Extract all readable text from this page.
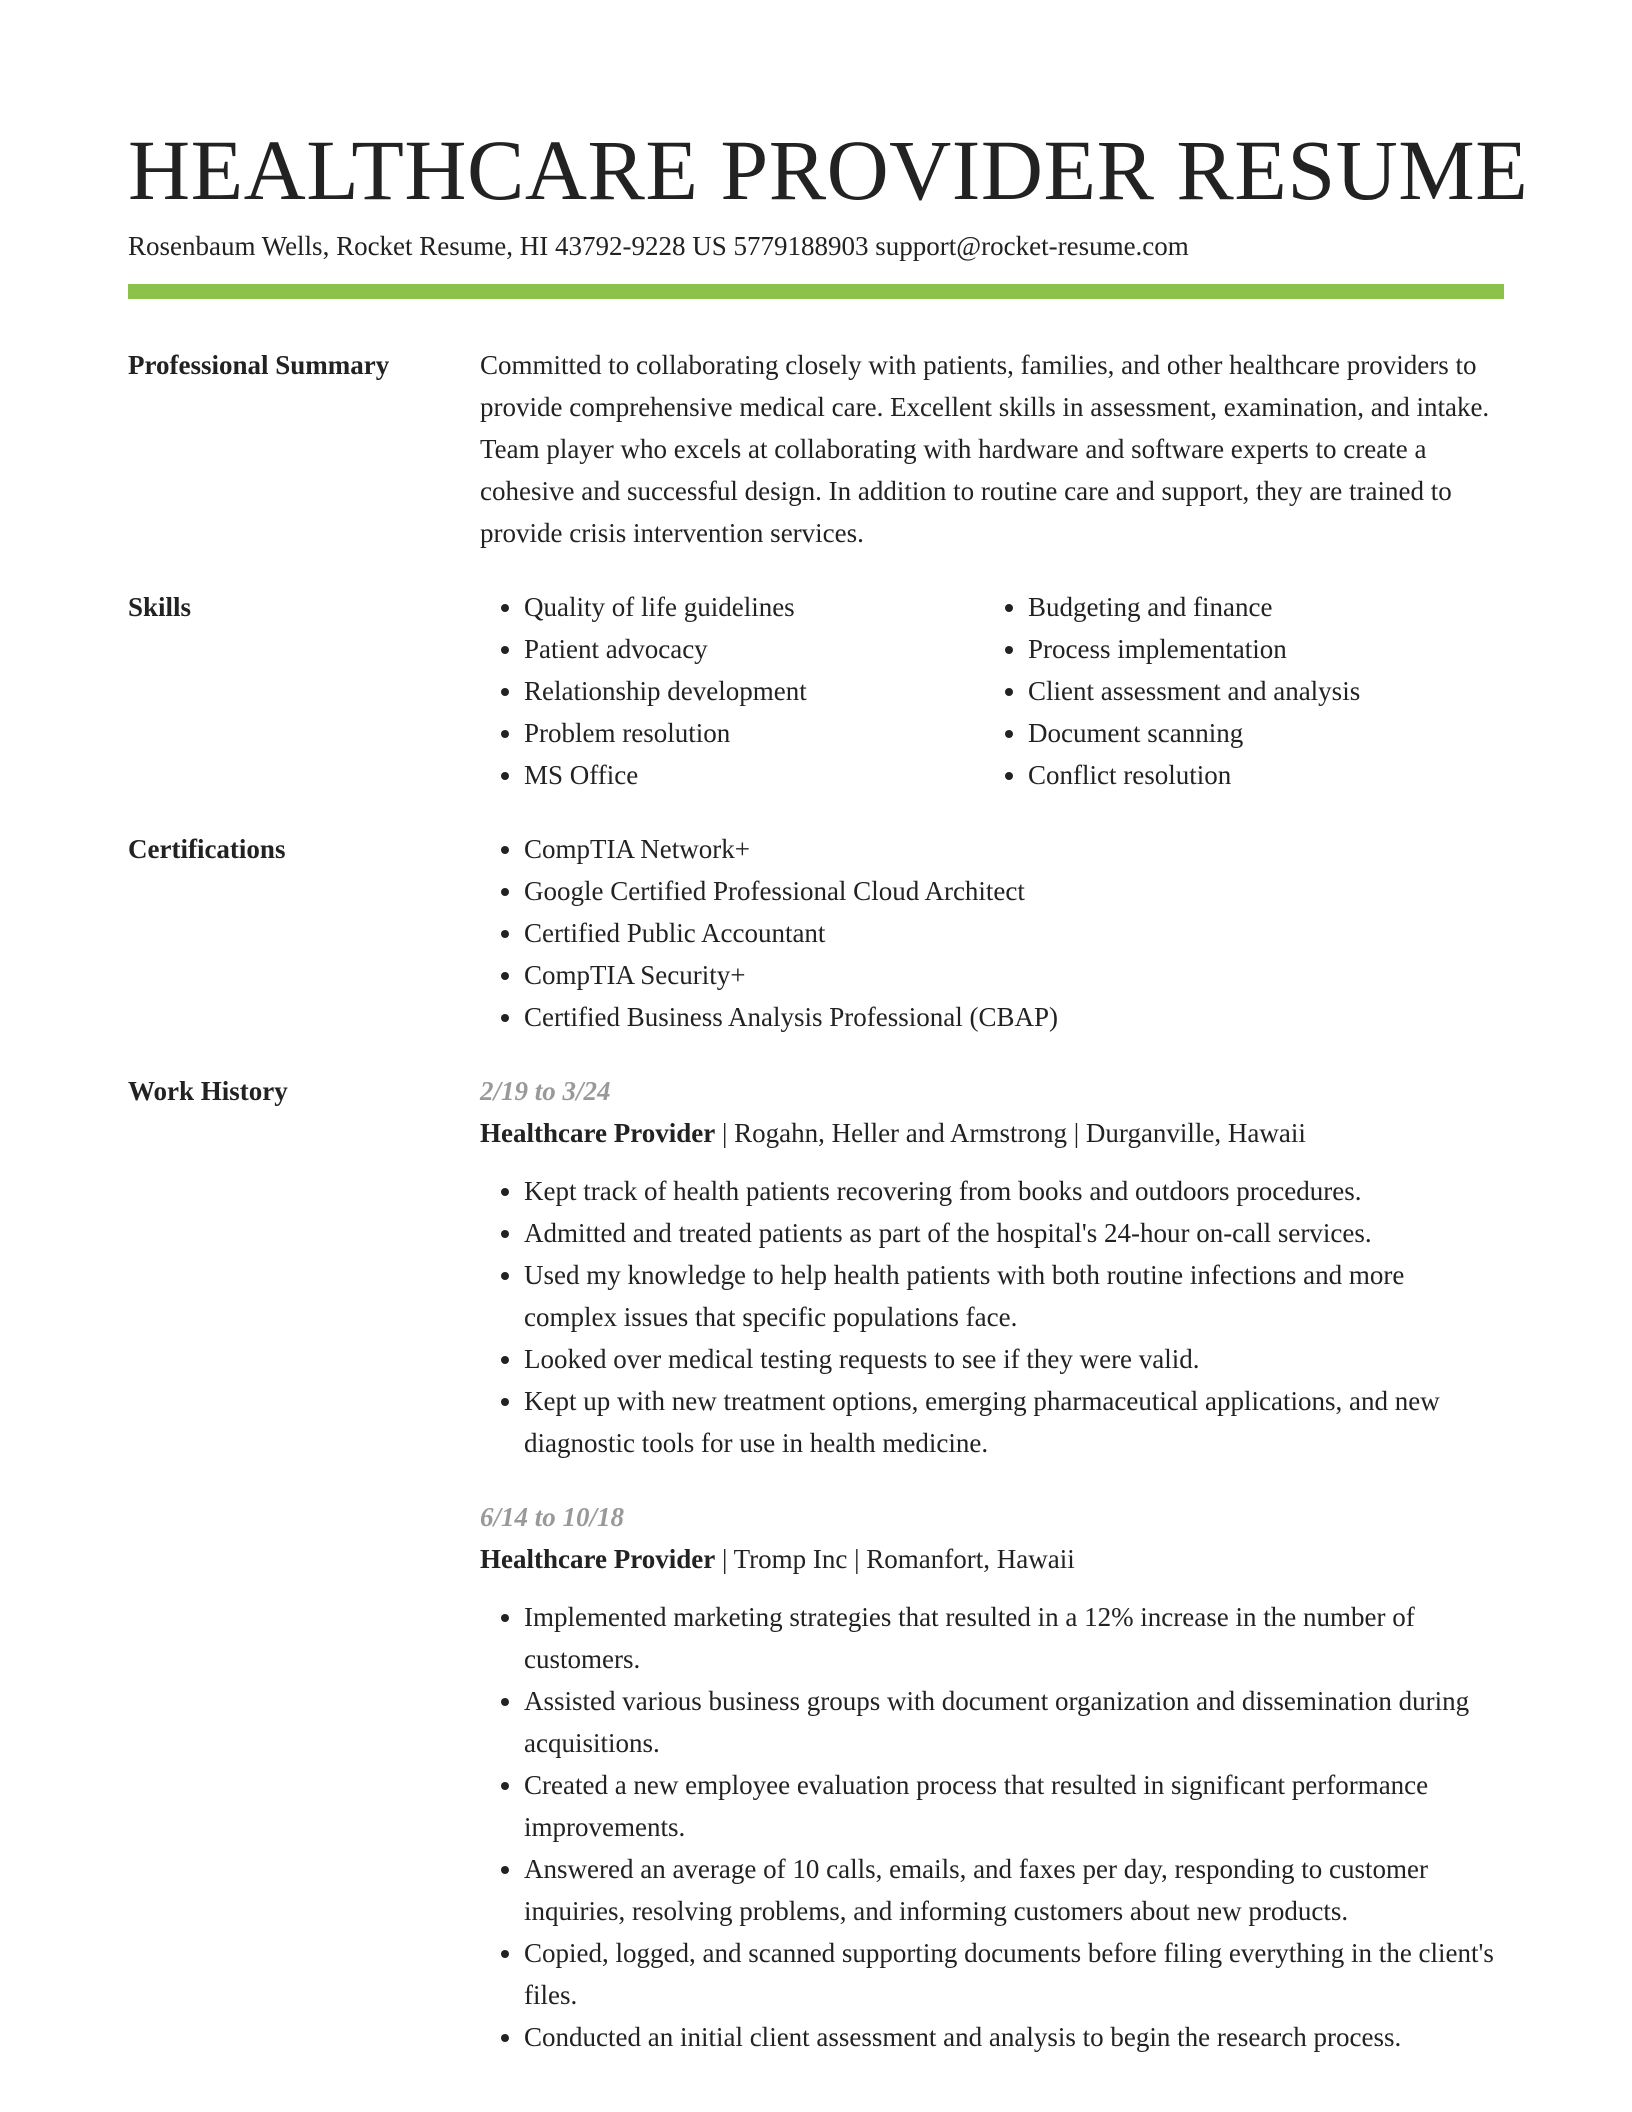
HEALTHCARE PROVIDER RESUME
Rosenbaum Wells, Rocket Resume, HI 43792-9228 US 5779188903 support@rocket-resume.com
Professional Summary	Committed to collaborating closely with patients, families, and other healthcare providers to provide comprehensive medical care. Excellent skills in assessment, examination, and intake. Team player who excels at collaborating with hardware and software experts to create a cohesive and successful design. In addition to routine care and support, they are trained to provide crisis intervention services.

Skills	• Quality of life guidelines
• Patient advocacy
• Relationship development
• Problem resolution
• MS Office
• Budgeting and finance
• Process implementation
• Client assessment and analysis
• Document scanning
• Conflict resolution
Certifications	• CompTIA Network+
• Google Certified Professional Cloud Architect
• Certified Public Accountant
• CompTIA Security+
• Certified Business Analysis Professional (CBAP)
Work History	2/19 to 3/24
Healthcare Provider | Rogahn, Heller and Armstrong | Durganville, Hawaii
• Kept track of health patients recovering from books and outdoors procedures.
• Admitted and treated patients as part of the hospital's 24-hour on-call services.
• Used my knowledge to help health patients with both routine infections and more complex issues that specific populations face.
• Looked over medical testing requests to see if they were valid.
• Kept up with new treatment options, emerging pharmaceutical applications, and new diagnostic tools for use in health medicine.
6/14 to 10/18
Healthcare Provider | Tromp Inc | Romanfort, Hawaii
• Implemented marketing strategies that resulted in a 12% increase in the number of customers.
• Assisted various business groups with document organization and dissemination during acquisitions.
• Created a new employee evaluation process that resulted in significant performance improvements.
• Answered an average of 10 calls, emails, and faxes per day, responding to customer inquiries, resolving problems, and informing customers about new products.
• Copied, logged, and scanned supporting documents before filing everything in the client's files.
• Conducted an initial client assessment and analysis to begin the research process.
